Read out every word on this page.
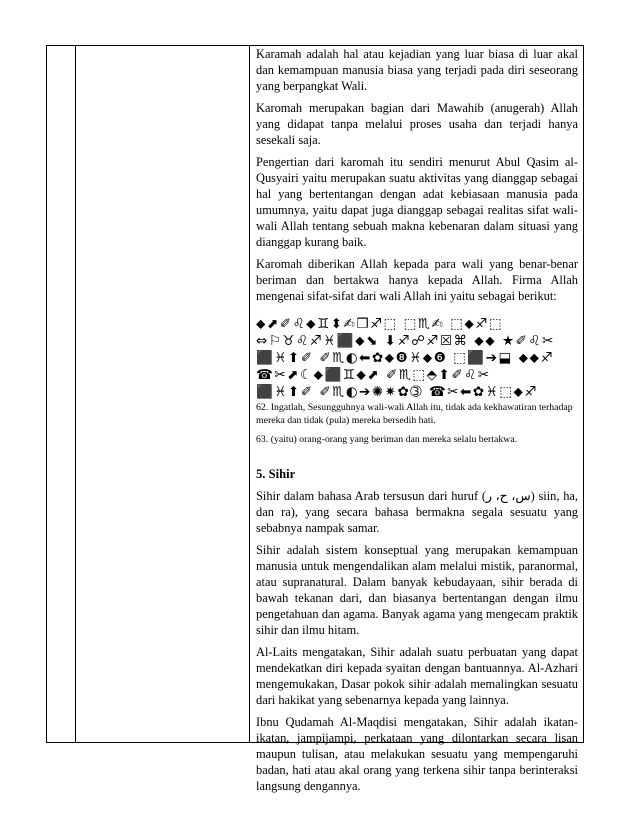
Karamah adalah hal atau kejadian yang luar biasa di luar akal dan kemampuan manusia biasa yang terjadi pada diri seseorang yang berpangkat Wali.

Karomah merupakan bagian dari Mawahib (anugerah) Allah yang didapat tanpa melalui proses usaha dan terjadi hanya sesekali saja.

Pengertian dari karomah itu sendiri menurut Abul Qasim al-Qusyairi yaitu merupakan suatu aktivitas yang dianggap sebagai hal yang bertentangan dengan adat kebiasaan manusia pada umumnya, yaitu dapat juga dianggap sebagai realitas sifat wali-wali Allah tentang sebuah makna kebenaran dalam situasi yang dianggap kurang baik.

Karomah diberikan Allah kepada para wali yang benar-benar beriman dan bertakwa hanya kepada Allah. Firma Allah mengenai sifat-sifat dari wali Allah ini yaitu sebagai berikut:

⬥⬈✐♌⬥♊⬍✍❒♐⬚ ⬚♏✍ ⬚⬥♐⬚
⇔⚐♉♌♐♓⬛⬥⬊ ⬇♐☍♐☒⌘ ⬥⬥ ★✐♌✂
⬛♓⬆✐ ✐♏◐⬅✿⬥❽♓⬥❻ ⬚⬛➔⬓ ⬥⬥♐
☎✂⬈☾⬥⬛♊⬥⬈ ✐♏⬚⬘⬆✐♌✂
⬛♓⬆✐ ✐♏◐➔✺✷✿➂ ☎✂⬅✿♓⬚⬥♐

62. Ingatlah, Sesungguhnya wali-wali Allah itu, tidak ada kekhawatiran terhadap mereka dan tidak (pula) mereka bersedih hati.

63. (yaitu) orang-orang yang beriman dan mereka selalu bertakwa.

5. Sihir

Sihir dalam bahasa Arab tersusun dari huruf (س، ح، ر) siin, ha, dan ra), yang secara bahasa bermakna segala sesuatu yang sebabnya nampak samar.

Sihir adalah sistem konseptual yang merupakan kemampuan manusia untuk mengendalikan alam melalui mistik, paranormal, atau supranatural. Dalam banyak kebudayaan, sihir berada di bawah tekanan dari, dan biasanya bertentangan dengan ilmu pengetahuan dan agama. Banyak agama yang mengecam praktik sihir dan ilmu hitam.

Al-Laits mengatakan, Sihir adalah suatu perbuatan yang dapat mendekatkan diri kepada syaitan dengan bantuannya. Al-Azhari mengemukakan, Dasar pokok sihir adalah memalingkan sesuatu dari hakikat yang sebenarnya kepada yang lainnya.

Ibnu Qudamah Al-Maqdisi mengatakan, Sihir adalah ikatan-ikatan, jampijampi, perkataan yang dilontarkan secara lisan maupun tulisan, atau melakukan sesuatu yang mempengaruhi badan, hati atau akal orang yang terkena sihir tanpa berinteraksi langsung dengannya.
